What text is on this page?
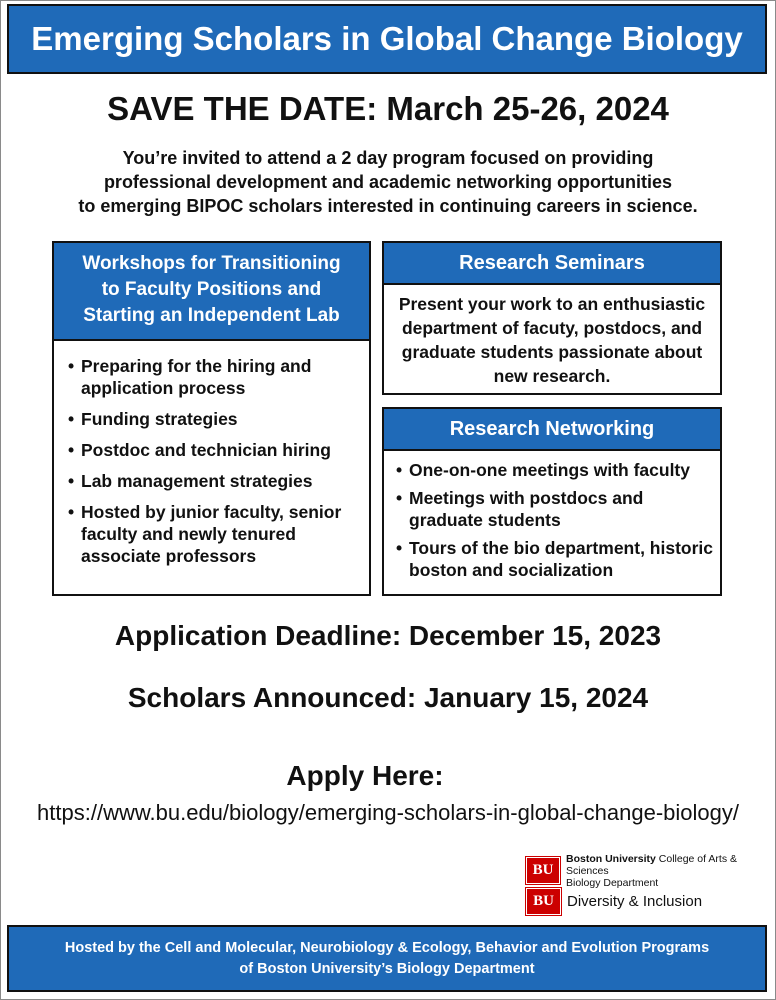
Emerging Scholars in Global Change Biology
SAVE THE DATE: March 25-26, 2024
You’re invited to attend a 2 day program focused on providing
professional development and academic networking opportunities
to emerging BIPOC scholars interested in continuing careers in science.
Workshops for Transitioning
to Faculty Positions and
Starting an Independent Lab
• Preparing for the hiring and application process
• Funding strategies
• Postdoc and technician hiring
• Lab management strategies
• Hosted by junior faculty, senior faculty and newly tenured associate professors
Research Seminars
Present your work to an enthusiastic department of facuty, postdocs, and graduate students passionate about new research.
Research Networking
• One-on-one meetings with faculty
• Meetings with postdocs and graduate students
• Tours of the bio department, historic boston and socialization
Application Deadline: December 15, 2023
Scholars Announced: January 15, 2024
Apply Here:
https://www.bu.edu/biology/emerging-scholars-in-global-change-biology/
BU
Boston University College of Arts & Sciences
Biology Department
BU Diversity & Inclusion
Hosted by the Cell and Molecular, Neurobiology & Ecology, Behavior and Evolution Programs
of Boston University’s Biology Department
